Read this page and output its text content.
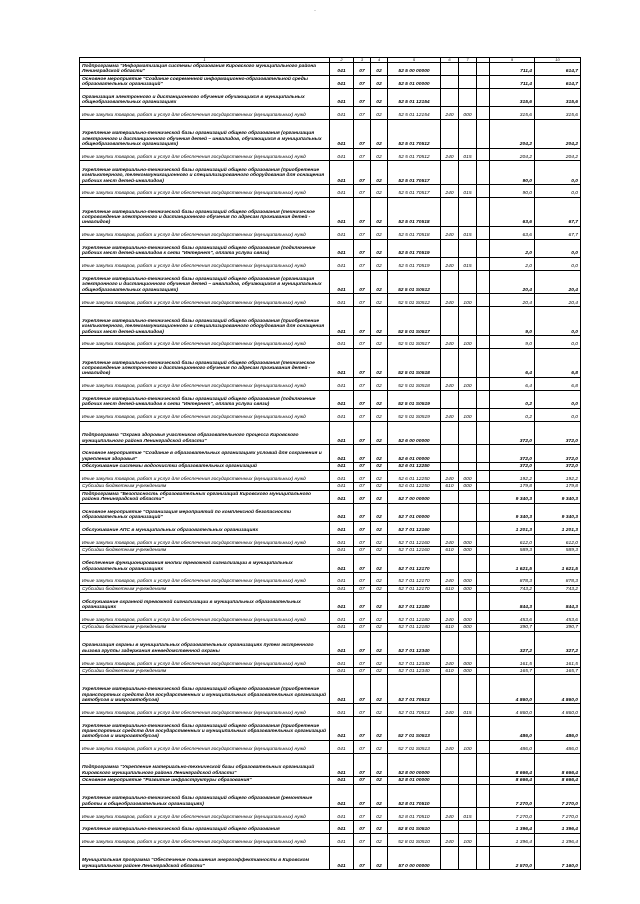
-
1	2	3	4	5	6	7		9	10
Подпрограмма "Информатизация системы образования Кировского муниципального района Ленинградской области"	041	07	02	52 5 00 00000				711,4	614,7
Основное мероприятие "Создание современной информационно-образовательной среды образовательных организаций"	041	07	02	52 5 01 00000				711,4	614,7
Организация электронного и дистанционного обучения обучающихся в муниципальных общеобразовательных организациях	041	07	02	52 5 01 12154				315,6	315,6
Иные закупки товаров, работ и услуг для обеспечения государственных (муниципальных) нужд	041	07	02	52 5 01 12154	240	000		315,6	315,6
Укрепление материально-технической базы организаций общего образования (организация электронного и дистанционного обучения детей – инвалидов, обучающихся в муниципальных общеобразовательных организациях)	041	07	02	52 5 01 70512				204,2	204,2
Иные закупки товаров, работ и услуг для обеспечения государственных (муниципальных) нужд	041	07	02	52 5 01 70512	240	015		204,2	204,2
Укрепление материально-технической базы организаций общего образования (приобретение компьютерного, телекоммуникационного и специализированного оборудования для оснащения рабочих мест детей-инвалидов)	041	07	02	52 5 01 70517				90,0	0,0
Иные закупки товаров, работ и услуг для обеспечения государственных (муниципальных) нужд	041	07	02	52 5 01 70517	240	015		90,0	0,0
Укрепление материально-технической базы организаций общего образования (техническое сопровождение электронного и дистанционного обучения по адресам проживания детей - инвалидов)	041	07	02	52 5 01 70518				63,6	67,7
Иные закупки товаров, работ и услуг для обеспечения государственных (муниципальных) нужд	041	07	02	52 5 01 70518	240	015		63,6	67,7
Укрепление материально-технической базы организаций общего образования (подключение рабочих мест детей-инвалидов к сети "Интернет", оплата услуги связи)	041	07	02	52 5 01 70519				2,0	0,0
Иные закупки товаров, работ и услуг для обеспечения государственных (муниципальных) нужд	041	07	02	52 5 01 70519	240	015		2,0	0,0
Укрепление материально-технической базы организаций общего образования (организация электронного и дистанционного обучения детей – инвалидов, обучающихся в муниципальных общеобразовательных организациях)	041	07	02	52 5 01 S0512				20,4	20,4
Иные закупки товаров, работ и услуг для обеспечения государственных (муниципальных) нужд	041	07	02	52 5 01 S0512	240	100		20,4	20,4
Укрепление материально-технической базы организаций общего образования (приобретение компьютерного, телекоммуникационного и специализированного оборудования для оснащения рабочих мест детей-инвалидов)	041	07	02	52 5 01 S0517				9,0	0,0
Иные закупки товаров, работ и услуг для обеспечения государственных (муниципальных) нужд	041	07	02	52 5 01 S0517	240	100		9,0	0,0
Укрепление материально-технической базы организаций общего образования (техническое сопровождение электронного и дистанционного обучения по адресам проживания детей - инвалидов)	041	07	02	52 5 01 S0518				6,4	6,8
Иные закупки товаров, работ и услуг для обеспечения государственных (муниципальных) нужд	041	07	02	52 5 01 S0518	240	100		6,4	6,8
Укрепление материально-технической базы организаций общего образования (подключение рабочих мест детей-инвалидов к сети "Интернет", оплата услуги связи)	041	07	02	52 5 01 S0519				0,2	0,0
Иные закупки товаров, работ и услуг для обеспечения государственных (муниципальных) нужд	041	07	02	52 5 01 S0519	240	100		0,2	0,0
Подпрограмма "Охрана здоровья участников образовательного процесса Кировского муниципального района Ленинградской области"	041	07	02	52 6 00 00000				372,0	372,0
Основное мероприятие "Создание в образовательных организациях условий для сохранения и укрепления здоровья"	041	07	02	52 6 01 00000				372,0	372,0
Обслуживание системы водоочистки образовательных организаций	041	07	02	52 6 01 12250				372,0	372,0
Иные закупки товаров, работ и услуг для обеспечения государственных (муниципальных) нужд	041	07	02	52 6 01 12250	240	000		192,2	192,2
Субсидии бюджетным учреждениям	041	07	02	52 6 01 12250	610	000		179,8	179,8
Подпрограмма "Безопасность образовательных организаций Кировского муниципального района Ленинградской области"	041	07	02	52 7 00 00000				9 340,3	9 340,3
Основное мероприятие "Организация мероприятий по комплексной безопасности образовательных организаций"	041	07	02	52 7 01 00000				9 340,3	9 340,3
Обслуживание АПС в муниципальных образовательных организациях	041	07	02	52 7 01 12160				1 201,3	1 201,3
Иные закупки товаров, работ и услуг для обеспечения государственных (муниципальных) нужд	041	07	02	52 7 01 12160	240	000		612,0	612,0
Субсидии бюджетным учреждениям	041	07	02	52 7 01 12160	610	000		589,3	589,3
Обеспечение функционирования кнопки тревожной сигнализации в муниципальных образовательных организациях	041	07	02	52 7 01 12170				1 621,5	1 621,5
Иные закупки товаров, работ и услуг для обеспечения государственных (муниципальных) нужд	041	07	02	52 7 01 12170	240	000		878,3	878,3
Субсидии бюджетным учреждениям	041	07	02	52 7 01 12170	610	000		743,2	743,2
Обслуживание охранной тревожной сигнализации в муниципальных образовательных организациях	041	07	02	52 7 01 12180				844,3	844,3
Иные закупки товаров, работ и услуг для обеспечения государственных (муниципальных) нужд	041	07	02	52 7 01 12180	240	000		453,6	453,6
Субсидии бюджетным учреждениям	041	07	02	52 7 01 12180	610	000		390,7	390,7
Организация охраны в муниципальных образовательных организациях путем экстренного вызова группы задержания вневедомственной охраны	041	07	02	52 7 01 12340				327,2	327,2
Иные закупки товаров, работ и услуг для обеспечения государственных (муниципальных) нужд	041	07	02	52 7 01 12340	240	000		161,5	161,5
Субсидии бюджетным учреждениям	041	07	02	52 7 01 12340	610	000		165,7	165,7
Укрепление материально-технической базы организаций общего образования (приобретение транспортных средств для государственных и муниципальных образовательных организаций автобусов и микроавтобусов)	041	07	02	52 7 01 70513				4 860,0	4 860,0
Иные закупки товаров, работ и услуг для обеспечения государственных (муниципальных) нужд	041	07	02	52 7 01 70513	240	015		4 860,0	4 860,0
Укрепление материально-технической базы организаций общего образования (приобретение транспортных средств для государственных и муниципальных образовательных организаций автобусов и микроавтобусов)	041	07	02	52 7 01 S0513				486,0	486,0
Иные закупки товаров, работ и услуг для обеспечения государственных (муниципальных) нужд	041	07	02	52 7 01 S0513	240	100		486,0	486,0
Подпрограмма "Укрепление материально-технической базы образовательных организаций Кировского муниципального района Ленинградской области"	041	07	02	52 8 00 00000				8 666,4	8 666,4
Основное мероприятие "Развитие инфраструктуры образования"	041	07	02	52 8 01 00000				8 666,4	8 666,4
Укрепление материально-технической базы организаций общего образования (ремонтные работы в общеобразовательных организациях)	041	07	02	52 8 01 70510				7 270,0	7 270,0
Иные закупки товаров, работ и услуг для обеспечения государственных (муниципальных) нужд	041	07	02	52 8 01 70510	240	015		7 270,0	7 270,0
Укрепление материально-технической базы организаций общего образования	041	07	02	52 8 01 S0510				1 396,4	1 396,4
Иные закупки товаров, работ и услуг для обеспечения государственных (муниципальных) нужд	041	07	02	52 8 01 S0510	240	100		1 396,4	1 396,4
Муниципальная программа "Обеспечение повышения энергоэффективности в Кировском муниципальном районе Ленинградской области"	041	07	02	57 0 00 00000				2 570,0	7 160,0
